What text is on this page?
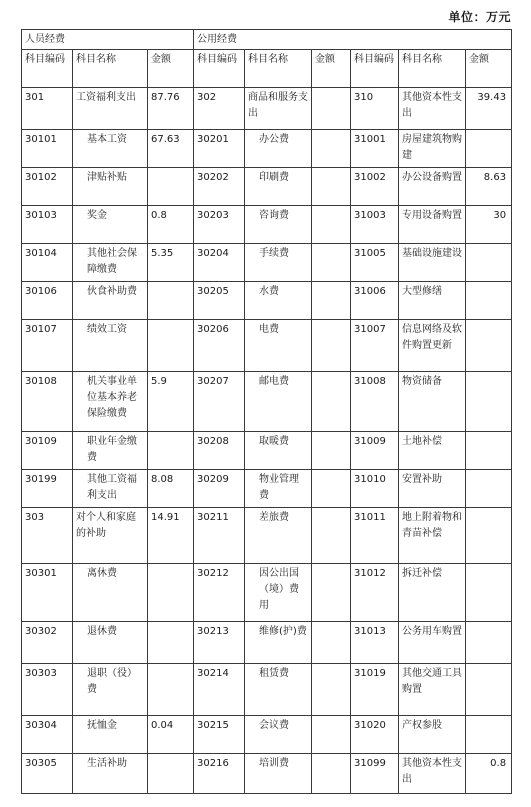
单位：万元
人员经费			公用经费					
科目编码	科目名称	金额	科目编码	科目名称	金额	科目编码	科目名称	金额
301	工资福利支出	87.76	302	商品和服务支出		310	其他资本性支出	39.43
30101	基本工资	67.63	30201	办公费		31001	房屋建筑物购建	
30102	津贴补贴		30202	印刷费		31002	办公设备购置	8.63
30103	奖金	0.8	30203	咨询费		31003	专用设备购置	30
30104	其他社会保障缴费	5.35	30204	手续费		31005	基础设施建设	
30106	伙食补助费		30205	水费		31006	大型修缮	
30107	绩效工资		30206	电费		31007	信息网络及软件购置更新	
30108	机关事业单位基本养老保险缴费	5.9	30207	邮电费		31008	物资储备	
30109	职业年金缴费		30208	取暖费		31009	土地补偿	
30199	其他工资福利支出	8.08	30209	物业管理费		31010	安置补助	
303	对个人和家庭的补助	14.91	30211	差旅费		31011	地上附着物和青苗补偿	
30301	离休费		30212	因公出国（境）费用		31012	拆迁补偿	
30302	退休费		30213	维修(护)费		31013	公务用车购置	
30303	退职（役）费		30214	租赁费		31019	其他交通工具购置	
30304	抚恤金	0.04	30215	会议费		31020	产权参股	
30305	生活补助		30216	培训费		31099	其他资本性支出	0.8
